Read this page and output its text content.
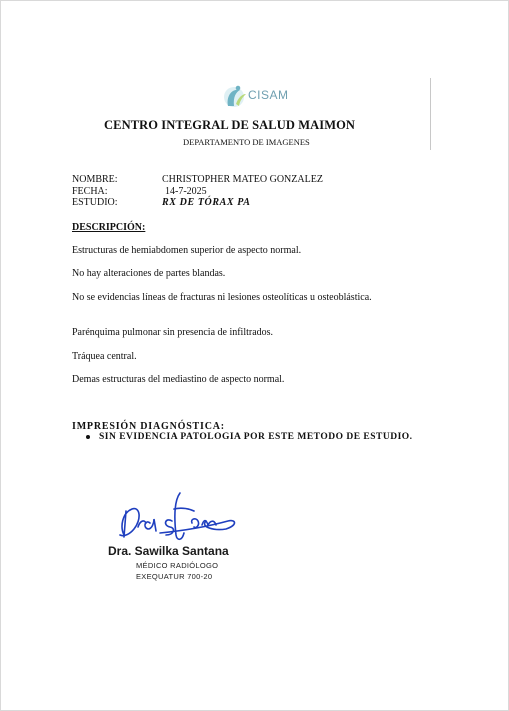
CISAM
CENTRO INTEGRAL DE SALUD MAIMON
DEPARTAMENTO DE IMAGENES
NOMBRE:	CHRISTOPHER MATEO GONZALEZ
FECHA:	14-7-2025
ESTUDIO:	RX DE TÓRAX PA
DESCRIPCIÓN:
Estructuras de hemiabdomen superior de aspecto normal.
No hay alteraciones de partes blandas.
No se evidencias líneas de fracturas ni lesiones osteolíticas u osteoblástica.
Parénquima pulmonar sin presencia de infiltrados.
Tráquea central.
Demas estructuras del mediastino de aspecto normal.
IMPRESIÓN DIAGNÓSTICA:
SIN EVIDENCIA PATOLOGIA POR ESTE METODO DE ESTUDIO.
Dra. Sawilka Santana
MÉDICO RADIÓLOGO
EXEQUATUR 700-20
